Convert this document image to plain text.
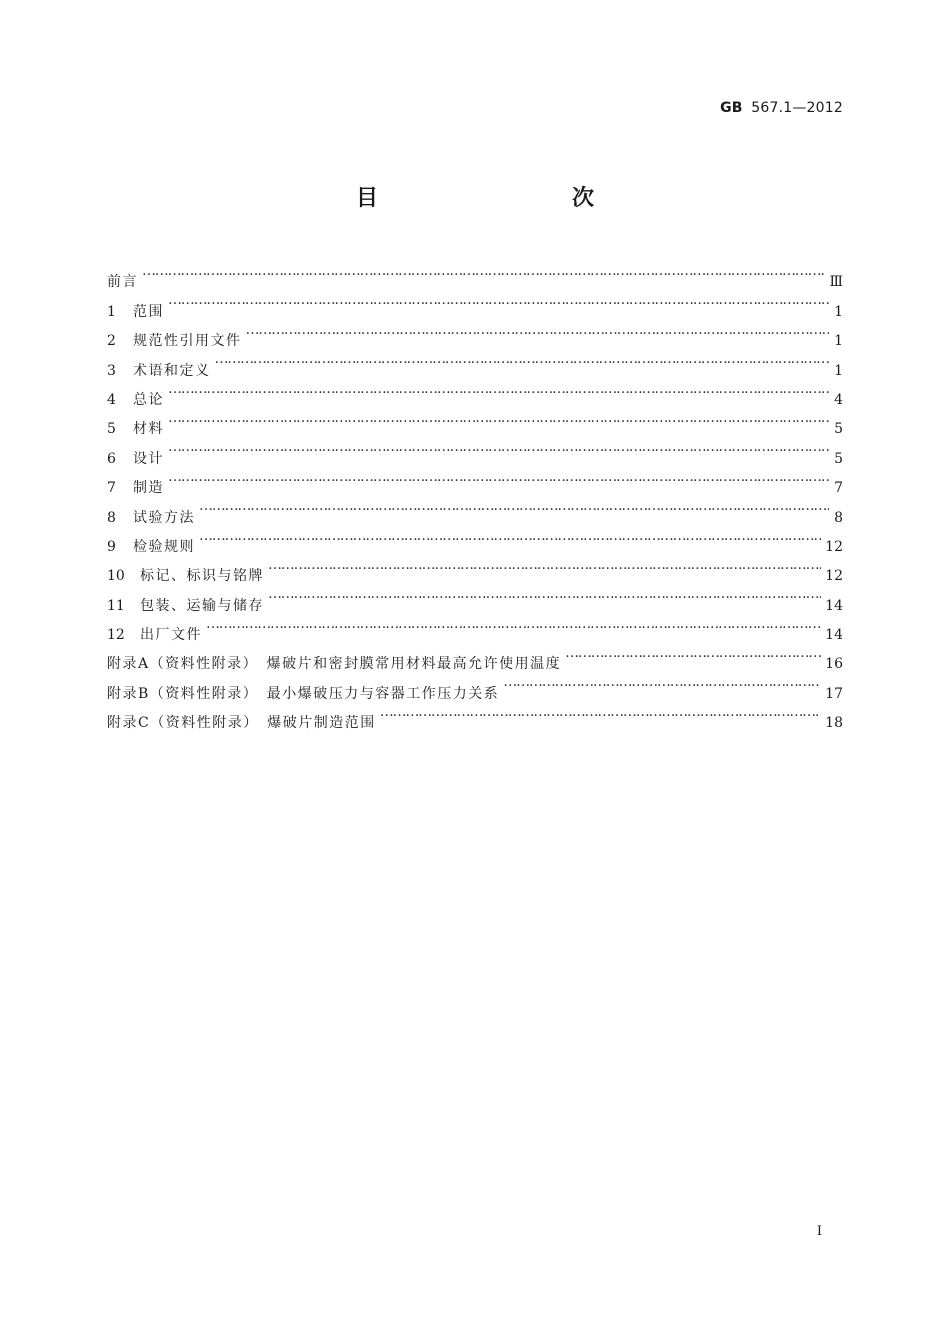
GB 567.1—2012
目　　次
前言 …………………………………………………………………………………………………………………………………………………………………………………………………………………………………………	Ⅲ
1	范围 …………………………………………………………………………………………………………………………………………………………………………………………………………………………………………	1
2	规范性引用文件 …………………………………………………………………………………………………………………………………………………………………………………………………………………………………………	1
3	术语和定义 …………………………………………………………………………………………………………………………………………………………………………………………………………………………………………	1
4	总论 …………………………………………………………………………………………………………………………………………………………………………………………………………………………………………	4
5	材料 …………………………………………………………………………………………………………………………………………………………………………………………………………………………………………	5
6	设计 …………………………………………………………………………………………………………………………………………………………………………………………………………………………………………	5
7	制造 …………………………………………………………………………………………………………………………………………………………………………………………………………………………………………	7
8	试验方法 …………………………………………………………………………………………………………………………………………………………………………………………………………………………………………	8
9	检验规则 …………………………………………………………………………………………………………………………………………………………………………………………………………………………………………	12
10	标记、标识与铭牌 …………………………………………………………………………………………………………………………………………………………………………………………………………………………………………	12
11	包装、运输与储存 …………………………………………………………………………………………………………………………………………………………………………………………………………………………………………	14
12	出厂文件 …………………………………………………………………………………………………………………………………………………………………………………………………………………………………………	14
附录A（资料性附录）　爆破片和密封膜常用材料最高允许使用温度 …………………………………………………………………………………………………………………………………………………………………………………………………………………………………………	16
附录B（资料性附录）　最小爆破压力与容器工作压力关系 …………………………………………………………………………………………………………………………………………………………………………………………………………………………………………	17
附录C（资料性附录）　爆破片制造范围 …………………………………………………………………………………………………………………………………………………………………………………………………………………………………………	18
Ⅰ
